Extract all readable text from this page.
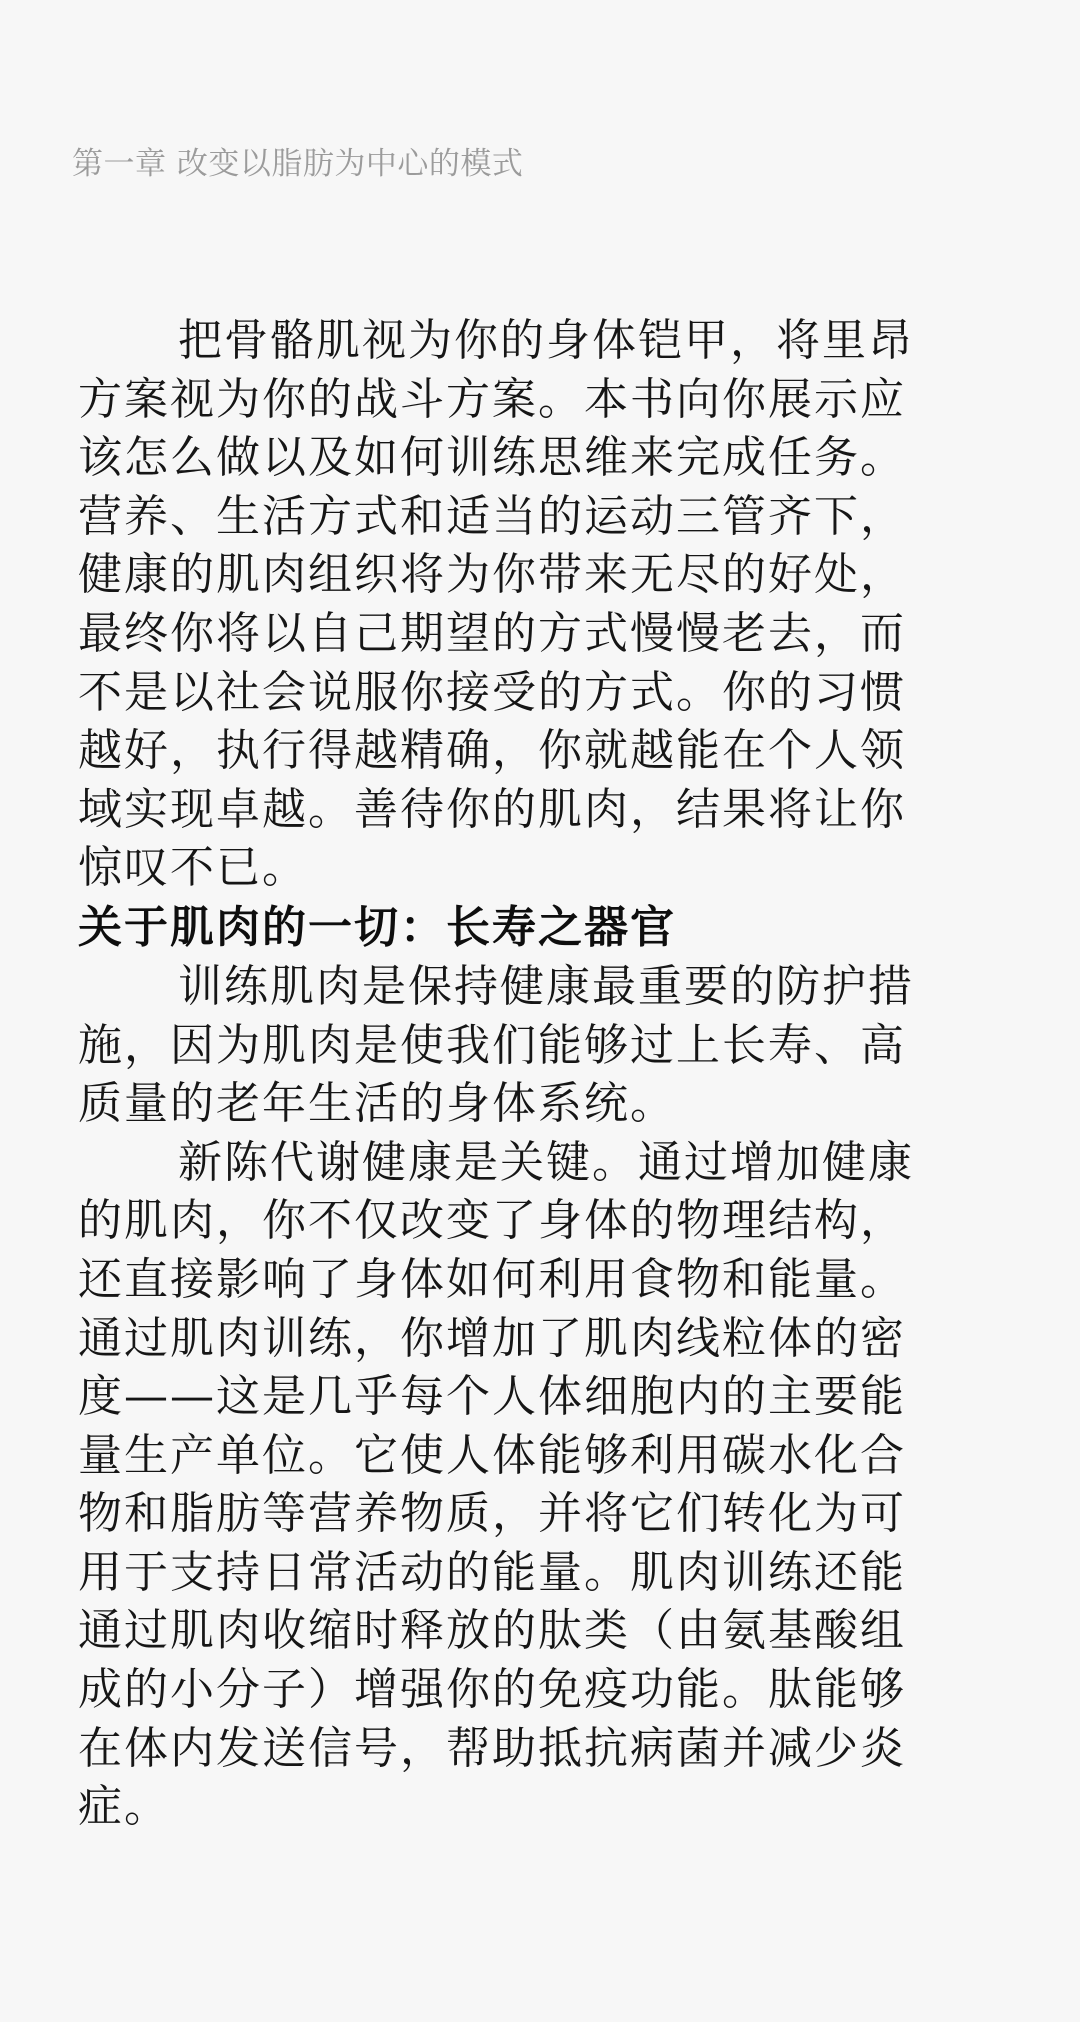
第一章 改变以脂肪为中心的模式
把骨骼肌视为你的身体铠甲，将里昂
方案视为你的战斗方案。本书向你展示应
该怎么做以及如何训练思维来完成任务。
营养、生活方式和适当的运动三管齐下，
健康的肌肉组织将为你带来无尽的好处，
最终你将以自己期望的方式慢慢老去，而
不是以社会说服你接受的方式。你的习惯
越好，执行得越精确，你就越能在个人领
域实现卓越。善待你的肌肉，结果将让你
惊叹不已。
关于肌肉的一切：长寿之器官
训练肌肉是保持健康最重要的防护措
施，因为肌肉是使我们能够过上长寿、高
质量的老年生活的身体系统。
新陈代谢健康是关键。通过增加健康
的肌肉，你不仅改变了身体的物理结构，
还直接影响了身体如何利用食物和能量。
通过肌肉训练，你增加了肌肉线粒体的密
度——这是几乎每个人体细胞内的主要能
量生产单位。它使人体能够利用碳水化合
物和脂肪等营养物质，并将它们转化为可
用于支持日常活动的能量。肌肉训练还能
通过肌肉收缩时释放的肽类（由氨基酸组
成的小分子）增强你的免疫功能。肽能够
在体内发送信号，帮助抵抗病菌并减少炎
症。
